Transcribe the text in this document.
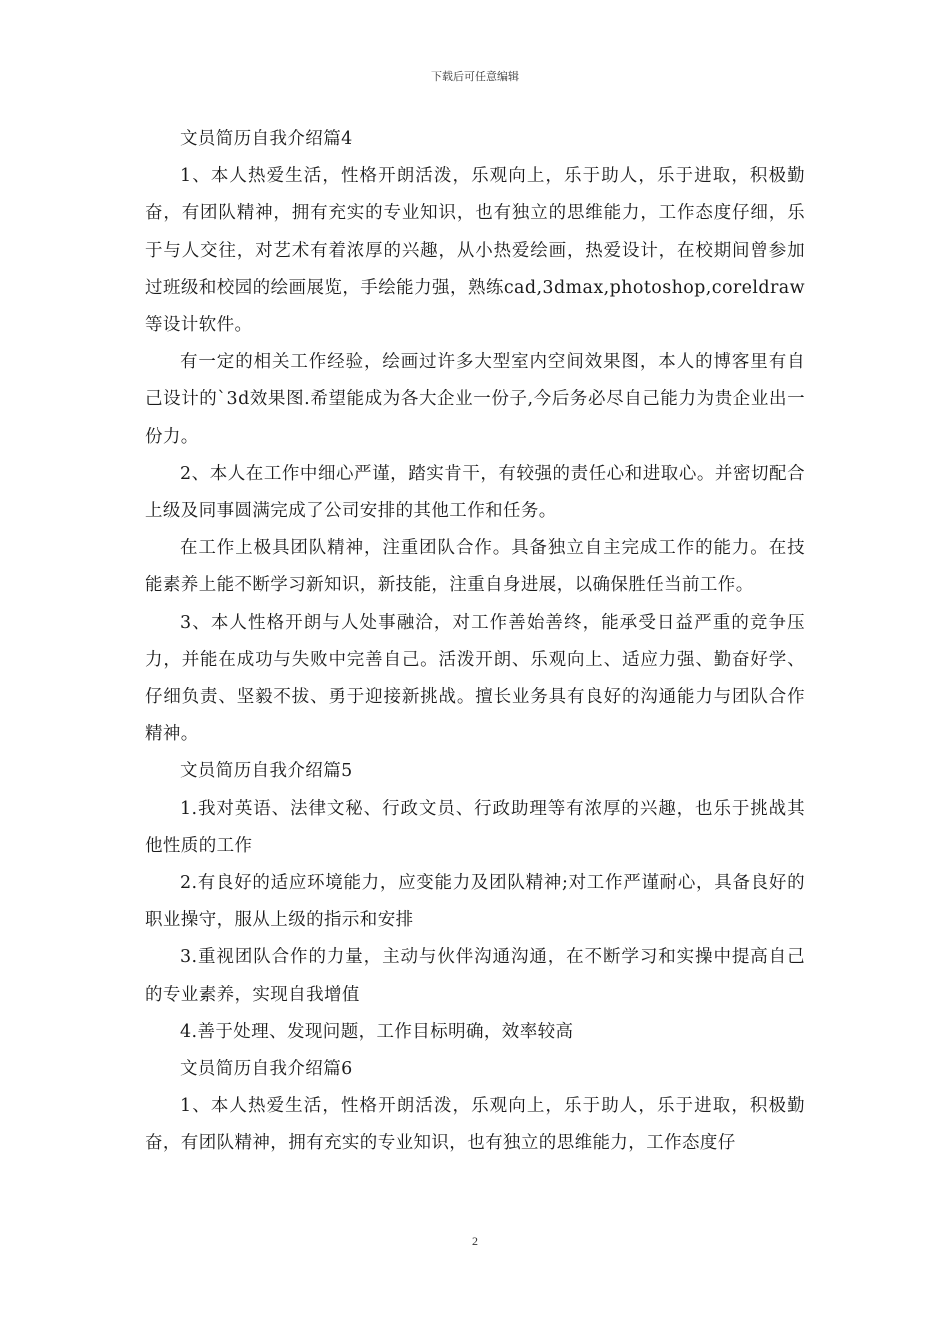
下载后可任意编辑

文员简历自我介绍篇4

1、本人热爱生活，性格开朗活泼，乐观向上，乐于助人，乐于进取，积极勤奋，有团队精神，拥有充实的专业知识，也有独立的思维能力，工作态度仔细，乐于与人交往，对艺术有着浓厚的兴趣，从小热爱绘画，热爱设计，在校期间曾参加过班级和校园的绘画展览，手绘能力强，熟练cad,3dmax,photoshop,coreldraw等设计软件。

有一定的相关工作经验，绘画过许多大型室内空间效果图，本人的博客里有自己设计的`3d效果图.希望能成为各大企业一份子,今后务必尽自己能力为贵企业出一份力。

2、本人在工作中细心严谨，踏实肯干，有较强的责任心和进取心。并密切配合上级及同事圆满完成了公司安排的其他工作和任务。

在工作上极具团队精神，注重团队合作。具备独立自主完成工作的能力。在技能素养上能不断学习新知识，新技能，注重自身进展，以确保胜任当前工作。

3、本人性格开朗与人处事融洽，对工作善始善终，能承受日益严重的竞争压力，并能在成功与失败中完善自己。活泼开朗、乐观向上、适应力强、勤奋好学、仔细负责、坚毅不拔、勇于迎接新挑战。擅长业务具有良好的沟通能力与团队合作精神。

文员简历自我介绍篇5

1.我对英语、法律文秘、行政文员、行政助理等有浓厚的兴趣，也乐于挑战其他性质的工作

2.有良好的适应环境能力，应变能力及团队精神;对工作严谨耐心，具备良好的职业操守，服从上级的指示和安排

3.重视团队合作的力量，主动与伙伴沟通沟通，在不断学习和实操中提高自己的专业素养，实现自我增值

4.善于处理、发现问题，工作目标明确，效率较高

文员简历自我介绍篇6

1、本人热爱生活，性格开朗活泼，乐观向上，乐于助人，乐于进取，积极勤奋，有团队精神，拥有充实的专业知识，也有独立的思维能力，工作态度仔

2
